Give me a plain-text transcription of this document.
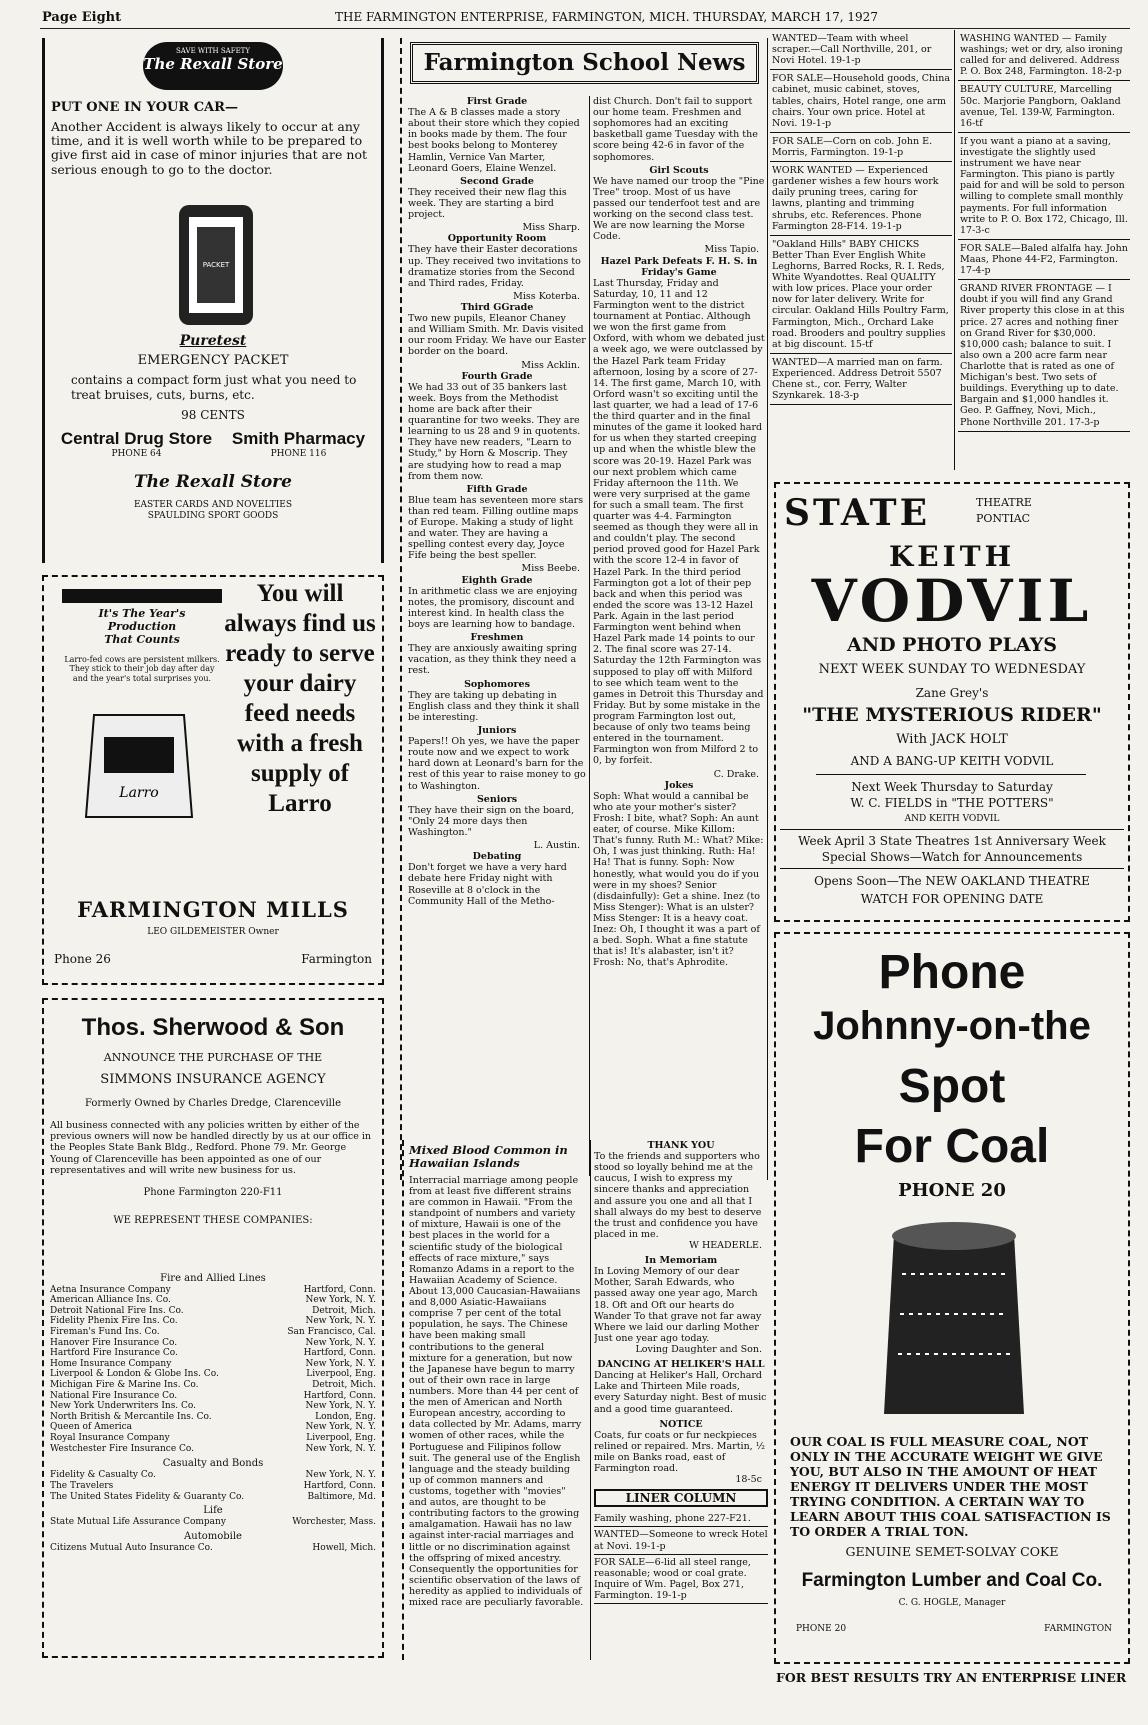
Page Eight	THE FARMINGTON ENTERPRISE, FARMINGTON, MICH. THURSDAY, MARCH 17, 1927
SAVE WITH SAFETY
The Rexall Store
PUT ONE IN YOUR CAR—
Another Accident is always likely to occur at any time, and it is well worth while to be prepared to give first aid in case of minor injuries that are not serious enough to go to the doctor.
PACKET
Puretest
EMERGENCY PACKET
contains a compact form just what you need to treat bruises, cuts, burns, etc.
98 CENTS
Central Drug Store
PHONE 64
Smith Pharmacy
PHONE 116
The Rexall Store
EASTER CARDS AND NOVELTIES
SPAULDING SPORT GOODS
It's The Year's Production That Counts
Larro-fed cows are persistent milkers. They stick to their job day after day and the year's total surprises you.
Larro
You will always find us ready to serve your dairy feed needs with a fresh supply of Larro
FARMINGTON MILLS
LEO GILDEMEISTER Owner
Phone 26	Farmington
Thos. Sherwood & Son
ANNOUNCE THE PURCHASE OF THE
SIMMONS INSURANCE AGENCY
Formerly Owned by Charles Dredge, Clarenceville
All business connected with any policies written by either of the previous owners will now be handled directly by us at our office in the Peoples State Bank Bldg., Redford. Phone 79. Mr. George Young of Clarenceville has been appointed as one of our representatives and will write new business for us.
Phone Farmington 220-F11
WE REPRESENT THESE COMPANIES:
Fire and Allied Lines
Aetna Insurance Company	Hartford, Conn.
American Alliance Ins. Co.	New York, N. Y.
Detroit National Fire Ins. Co.	Detroit, Mich.
Fidelity Phenix Fire Ins. Co.	New York, N. Y.
Fireman's Fund Ins. Co.	San Francisco, Cal.
Hanover Fire Insurance Co.	New York, N. Y.
Hartford Fire Insurance Co.	Hartford, Conn.
Home Insurance Company	New York, N. Y.
Liverpool & London & Globe Ins. Co.	Liverpool, Eng.
Michigan Fire & Marine Ins. Co.	Detroit, Mich.
National Fire Insurance Co.	Hartford, Conn.
New York Underwriters Ins. Co.	New York, N. Y.
North British & Mercantile Ins. Co.	London, Eng.
Queen of America	New York, N. Y.
Royal Insurance Company	Liverpool, Eng.
Westchester Fire Insurance Co.	New York, N. Y.
Casualty and Bonds
Fidelity & Casualty Co.	New York, N. Y.
The Travelers	Hartford, Conn.
The United States Fidelity & Guaranty Co.	Baltimore, Md.
Life
State Mutual Life Assurance Company	Worchester, Mass.
Automobile
Citizens Mutual Auto Insurance Co.	Howell, Mich.
Farmington School News
First Grade

The A & B classes made a story about their store which they copied in books made by them. The four best books belong to Monterey Hamlin, Vernice Van Marter, Leonard Goers, Elaine Wenzel.

Second Grade

They received their new flag this week. They are starting a bird project.

Miss Sharp.
Opportunity Room

They have their Easter decorations up. They received two invitations to dramatize stories from the Second and Third rades, Friday.

Miss Koterba.
Third GGrade

Two new pupils, Eleanor Chaney and William Smith. Mr. Davis visited our room Friday. We have our Easter border on the board.

Miss Acklin.
Fourth Grade

We had 33 out of 35 bankers last week. Boys from the Methodist home are back after their quarantine for two weeks. They are learning to us 28 and 9 in quotents. They have new readers, "Learn to Study," by Horn & Moscrip. They are studying how to read a map from them now.

Fifth Grade

Blue team has seventeen more stars than red team. Filling outline maps of Europe. Making a study of light and water. They are having a spelling contest every day, Joyce Fife being the best speller.

Miss Beebe.
Eighth Grade

In arithmetic class we are enjoying notes, the promisory, discount and interest kind. In health class the boys are learning how to bandage.

Freshmen

They are anxiously awaiting spring vacation, as they think they need a rest.

Sophomores

They are taking up debating in English class and they think it shall be interesting.

Juniors

Papers!! Oh yes, we have the paper route now and we expect to work hard down at Leonard's barn for the rest of this year to raise money to go to Washington.

Seniors

They have their sign on the board, "Only 24 more days then Washington."

L. Austin.
Debating

Don't forget we have a very hard debate here Friday night with Roseville at 8 o'clock in the Community Hall of the Metho-

dist Church. Don't fail to support our home team. Freshmen and sophomores had an exciting basketball game Tuesday with the score being 42-6 in favor of the sophomores.

Girl Scouts

We have named our troop the "Pine Tree" troop. Most of us have passed our tenderfoot test and are working on the second class test. We are now learning the Morse Code.

Miss Tapio.
Hazel Park Defeats F. H. S. in Friday's Game

Last Thursday, Friday and Saturday, 10, 11 and 12 Farmington went to the district tournament at Pontiac. Although we won the first game from Oxford, with whom we debated just a week ago, we were outclassed by the Hazel Park team Friday afternoon, losing by a score of 27-14. The first game, March 10, with Orford wasn't so exciting until the last quarter, we had a lead of 17-6 the third quarter and in the final minutes of the game it looked hard for us when they started creeping up and when the whistle blew the score was 20-19. Hazel Park was our next problem which came Friday afternoon the 11th. We were very surprised at the game for such a small team. The first quarter was 4-4. Farmington seemed as though they were all in and couldn't play. The second period proved good for Hazel Park with the score 12-4 in favor of Hazel Park. In the third period Farmington got a lot of their pep back and when this period was ended the score was 13-12 Hazel Park. Again in the last period Farmington went behind when Hazel Park made 14 points to our 2. The final score was 27-14. Saturday the 12th Farmington was supposed to play off with Milford to see which team went to the games in Detroit this Thursday and Friday. But by some mistake in the program Farmington lost out, because of only two teams being entered in the tournament. Farmington won from Milford 2 to 0, by forfeit.

C. Drake.
Jokes

Soph: What would a cannibal be who ate your mother's sister? Frosh: I bite, what? Soph: An aunt eater, of course. Mike Killom: That's funny. Ruth M.: What? Mike: Oh, I was just thinking. Ruth: Ha! Ha! That is funny. Soph: Now honestly, what would you do if you were in my shoes? Senior (disdainfully): Get a shine. Inez (to Miss Stenger): What is an ulster? Miss Stenger: It is a heavy coat. Inez: Oh, I thought it was a part of a bed. Soph. What a fine statute that is! It's alabaster, isn't it? Frosh: No, that's Aphrodite.

Mixed Blood Common in Hawaiian Islands
Interracial marriage among people from at least five different strains are common in Hawaii. "From the standpoint of numbers and variety of mixture, Hawaii is one of the best places in the world for a scientific study of the biological effects of race mixture," says Romanzo Adams in a report to the Hawaiian Academy of Science. About 13,000 Caucasian-Hawaiians and 8,000 Asiatic-Hawaiians comprise 7 per cent of the total population, he says. The Chinese have been making small contributions to the general mixture for a generation, but now the Japanese have begun to marry out of their own race in large numbers. More than 44 per cent of the men of American and North European ancestry, according to data collected by Mr. Adams, marry women of other races, while the Portuguese and Filipinos follow suit. The general use of the English language and the steady building up of common manners and customs, together with "movies" and autos, are thought to be contributing factors to the growing amalgamation. Hawaii has no law against inter-racial marriages and little or no discrimination against the offspring of mixed ancestry. Consequently the opportunities for scientific observation of the laws of heredity as applied to individuals of mixed race are peculiarly favorable.
THANK YOU
To the friends and supporters who stood so loyally behind me at the caucus, I wish to express my sincere thanks and appreciation and assure you one and all that I shall always do my best to deserve the trust and confidence you have placed in me.
W HEADERLE.
In Memoriam
In Loving Memory of our dear Mother, Sarah Edwards, who passed away one year ago, March 18. Oft and Oft our hearts do Wander To that grave not far away Where we laid our darling Mother Just one year ago today.
Loving Daughter and Son.
DANCING AT HELIKER'S HALL
Dancing at Heliker's Hall, Orchard Lake and Thirteen Mile roads, every Saturday night. Best of music and a good time guaranteed.
NOTICE
Coats, fur coats or fur neckpieces relined or repaired. Mrs. Martin, ½ mile on Banks road, east of Farmington road.
18-5c
LINER COLUMN
Family washing, phone 227-F21.
WANTED—Someone to wreck Hotel at Novi. 19-1-p
FOR SALE—6-lid all steel range, reasonable; wood or coal grate. Inquire of Wm. Pagel, Box 271, Farmington. 19-1-p
WANTED—Team with wheel scraper.—Call Northville, 201, or Novi Hotel. 19-1-p
FOR SALE—Household goods, China cabinet, music cabinet, stoves, tables, chairs, Hotel range, one arm chairs. Your own price. Hotel at Novi. 19-1-p
FOR SALE—Corn on cob. John E. Morris, Farmington. 19-1-p
WORK WANTED — Experienced gardener wishes a few hours work daily pruning trees, caring for lawns, planting and trimming shrubs, etc. References. Phone Farmington 28-F14. 19-1-p
"Oakland Hills" BABY CHICKS Better Than Ever English White Leghorns, Barred Rocks, R. I. Reds, White Wyandottes. Real QUALITY with low prices. Place your order now for later delivery. Write for circular. Oakland Hills Poultry Farm, Farmington, Mich., Orchard Lake road. Brooders and poultry supplies at big discount. 15-tf
WANTED—A married man on farm. Experienced. Address Detroit 5507 Chene st., cor. Ferry, Walter Szynkarek. 18-3-p
WASHING WANTED — Family washings; wet or dry, also ironing called for and delivered. Address P. O. Box 248, Farmington. 18-2-p
BEAUTY CULTURE, Marcelling 50c. Marjorie Pangborn, Oakland avenue, Tel. 139-W, Farmington. 16-tf
If you want a piano at a saving, investigate the slightly used instrument we have near Farmington. This piano is partly paid for and will be sold to person willing to complete small monthly payments. For full information write to P. O. Box 172, Chicago, Ill. 17-3-c
FOR SALE—Baled alfalfa hay. John Maas, Phone 44-F2, Farmington. 17-4-p
GRAND RIVER FRONTAGE — I doubt if you will find any Grand River property this close in at this price. 27 acres and nothing finer on Grand River for $30,000. $10,000 cash; balance to suit. I also own a 200 acre farm near Charlotte that is rated as one of Michigan's best. Two sets of buildings. Everything up to date. Bargain and $1,000 handles it. Geo. P. Gaffney, Novi, Mich., Phone Northville 201. 17-3-p
STATE	THEATRE
PONTIAC
KEITH
VODVIL
AND PHOTO PLAYS
NEXT WEEK SUNDAY TO WEDNESDAY
Zane Grey's
"THE MYSTERIOUS RIDER"
With JACK HOLT
AND A BANG-UP KEITH VODVIL
Next Week Thursday to Saturday
W. C. FIELDS in "THE POTTERS"
AND KEITH VODVIL
Week April 3 State Theatres 1st Anniversary Week
Special Shows—Watch for Announcements
Opens Soon—The NEW OAKLAND THEATRE
WATCH FOR OPENING DATE
Phone
Johnny-on-the
Spot
For Coal
PHONE 20
OUR COAL IS FULL MEASURE COAL, NOT ONLY IN THE ACCURATE WEIGHT WE GIVE YOU, BUT ALSO IN THE AMOUNT OF HEAT ENERGY IT DELIVERS UNDER THE MOST TRYING CONDITION. A CERTAIN WAY TO LEARN ABOUT THIS COAL SATISFACTION IS TO ORDER A TRIAL TON.
GENUINE SEMET-SOLVAY COKE
Farmington Lumber and Coal Co.
C. G. HOGLE, Manager
PHONE 20	FARMINGTON
FOR BEST RESULTS TRY AN ENTERPRISE LINER
